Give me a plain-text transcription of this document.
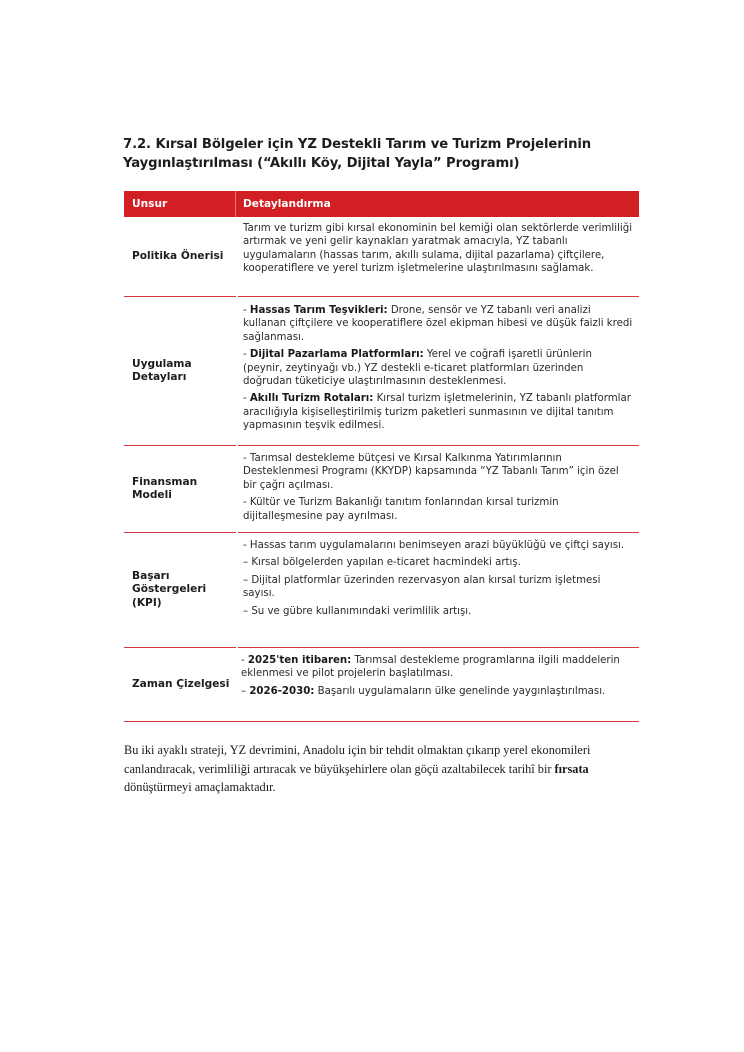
7.2. Kırsal Bölgeler için YZ Destekli Tarım ve Turizm Projelerinin
Yaygınlaştırılması (“Akıllı Köy, Dijital Yayla” Programı)
Unsur	Detaylandırma
Politika Önerisi

Tarım ve turizm gibi kırsal ekonominin bel kemiği olan sektörlerde verimliliği artırmak ve yeni gelir kaynakları yaratmak amacıyla, YZ tabanlı uygulamaların (hassas tarım, akıllı sulama, dijital pazarlama) çiftçilere, kooperatiflere ve yerel turizm işletmelerine ulaştırılmasını sağlamak.

Uygulama Detayları

- Hassas Tarım Teşvikleri: Drone, sensör ve YZ tabanlı veri analizi kullanan çiftçilere ve kooperatiflere özel ekipman hibesi ve düşük faizli kredi sağlanması.

- Dijital Pazarlama Platformları: Yerel ve coğrafi işaretli ürünlerin (peynir, zeytinyağı vb.) YZ destekli e-ticaret platformları üzerinden doğrudan tüketiciye ulaştırılmasının desteklenmesi.

- Akıllı Turizm Rotaları: Kırsal turizm işletmelerinin, YZ tabanlı platformlar aracılığıyla kişiselleştirilmiş turizm paketleri sunmasının ve dijital tanıtım yapmasının teşvik edilmesi.

Finansman Modeli

- Tarımsal destekleme bütçesi ve Kırsal Kalkınma Yatırımlarının Desteklenmesi Programı (KKYDP) kapsamında “YZ Tabanlı Tarım” için özel bir çağrı açılması.

- Kültür ve Turizm Bakanlığı tanıtım fonlarından kırsal turizmin dijitalleşmesine pay ayrılması.

Başarı Göstergeleri (KPI)

- Hassas tarım uygulamalarını benimseyen arazi büyüklüğü ve çiftçi sayısı.

– Kırsal bölgelerden yapılan e-ticaret hacmindeki artış.

– Dijital platformlar üzerinden rezervasyon alan kırsal turizm işletmesi sayısı.

– Su ve gübre kullanımındaki verimlilik artışı.

Zaman Çizelgesi

- 2025'ten itibaren: Tarımsal destekleme programlarına ilgili maddelerin eklenmesi ve pilot projelerin başlatılması.

– 2026-2030: Başarılı uygulamaların ülke genelinde yaygınlaştırılması.

Bu iki ayaklı strateji, YZ devrimini, Anadolu için bir tehdit olmaktan çıkarıp yerel ekonomileri canlandıracak, verimliliği artıracak ve büyükşehirlere olan göçü azaltabilecek tarihî bir fırsata dönüştürmeyi amaçlamaktadır.
